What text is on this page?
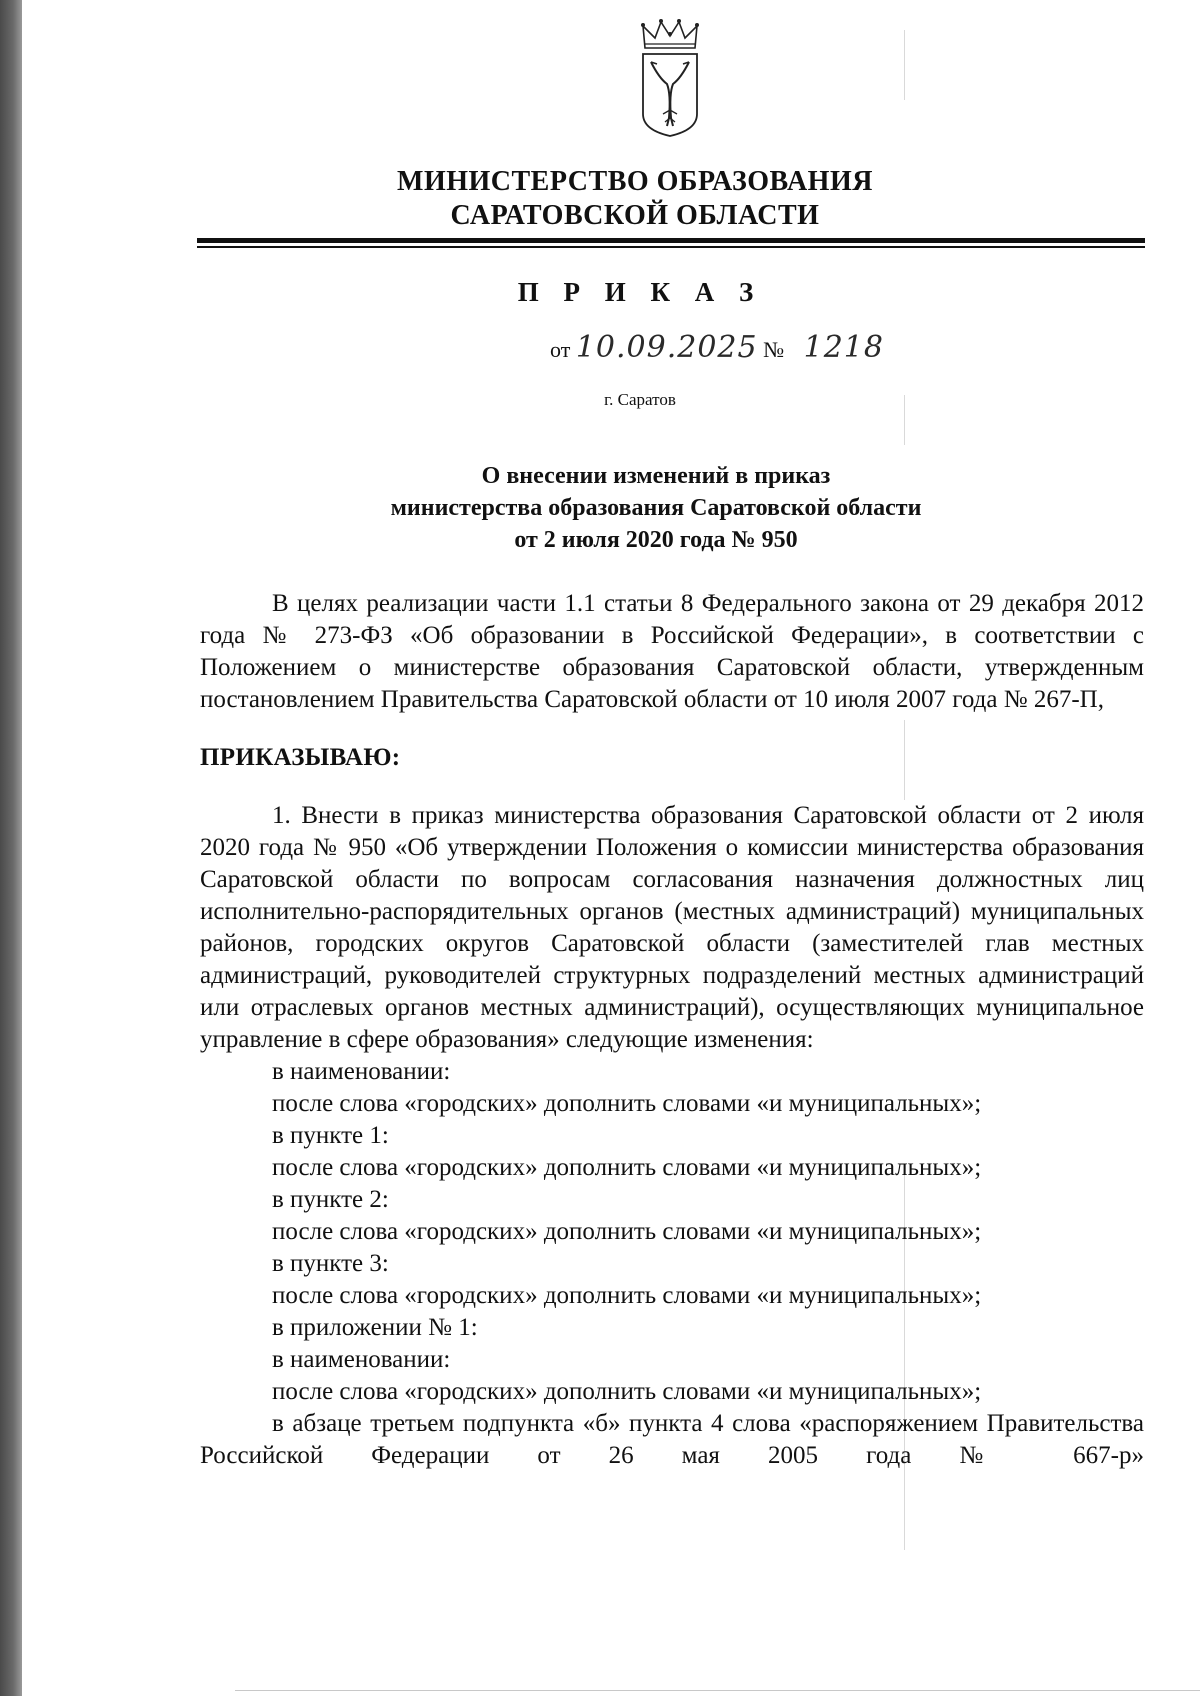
МИНИСТЕРСТВО ОБРАЗОВАНИЯ
САРАТОВСКОЙ ОБЛАСТИ
П Р И К А З
от 10.09.2025 № 1218
г. Саратов
О внесении изменений в приказ
министерства образования Саратовской области
от 2 июля 2020 года № 950

В целях реализации части 1.1 статьи 8 Федерального закона от 29 декабря 2012 года № 273-ФЗ «Об образовании в Российской Федерации», в соответствии с Положением о министерстве образования Саратовской области, утвержденным постановлением Правительства Саратовской области от 10 июля 2007 года № 267-П,

ПРИКАЗЫВАЮ:

1. Внести в приказ министерства образования Саратовской области от 2 июля 2020 года № 950 «Об утверждении Положения о комиссии министерства образования Саратовской области по вопросам согласования назначения должностных лиц исполнительно-распорядительных органов (местных администраций) муниципальных районов, городских округов Саратовской области (заместителей глав местных администраций, руководителей структурных подразделений местных администраций или отраслевых органов местных администраций), осуществляющих муниципальное управление в сфере образования» следующие изменения:

в наименовании:

после слова «городских» дополнить словами «и муниципальных»;

в пункте 1:

после слова «городских» дополнить словами «и муниципальных»;

в пункте 2:

после слова «городских» дополнить словами «и муниципальных»;

в пункте 3:

после слова «городских» дополнить словами «и муниципальных»;

в приложении № 1:

в наименовании:

после слова «городских» дополнить словами «и муниципальных»;

в абзаце третьем подпункта «б» пункта 4 слова «распоряжением Правительства Российской Федерации от 26 мая 2005 года № 667-р»
